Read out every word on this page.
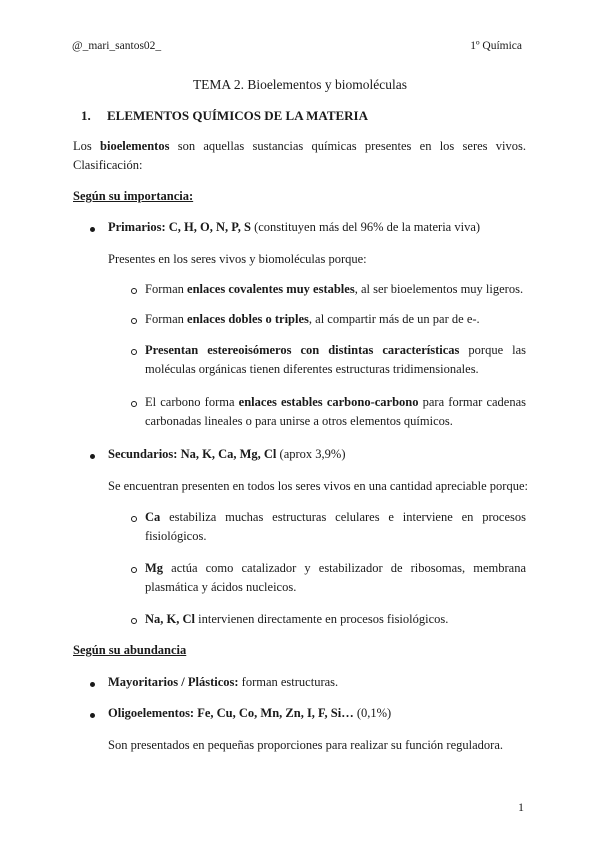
@_mari_santos02_	1º Química
TEMA 2. Bioelementos y biomoléculas
1. ELEMENTOS QUÍMICOS DE LA MATERIA
Los bioelementos son aquellas sustancias químicas presentes en los seres vivos. Clasificación:
Según su importancia:
Primarios: C, H, O, N, P, S (constituyen más del 96% de la materia viva)
Presentes en los seres vivos y biomoléculas porque:
Forman enlaces covalentes muy estables, al ser bioelementos muy ligeros.
Forman enlaces dobles o triples, al compartir más de un par de e-.
Presentan estereoisómeros con distintas características porque las moléculas orgánicas tienen diferentes estructuras tridimensionales.
El carbono forma enlaces estables carbono-carbono para formar cadenas carbonadas lineales o para unirse a otros elementos químicos.
Secundarios: Na, K, Ca, Mg, Cl (aprox 3,9%)
Se encuentran presenten en todos los seres vivos en una cantidad apreciable porque:
Ca estabiliza muchas estructuras celulares e interviene en procesos fisiológicos.
Mg actúa como catalizador y estabilizador de ribosomas, membrana plasmática y ácidos nucleicos.
Na, K, Cl intervienen directamente en procesos fisiológicos.
Según su abundancia
Mayoritarios / Plásticos: forman estructuras.
Oligoelementos: Fe, Cu, Co, Mn, Zn, I, F, Si… (0,1%)
Son presentados en pequeñas proporciones para realizar su función reguladora.
1
